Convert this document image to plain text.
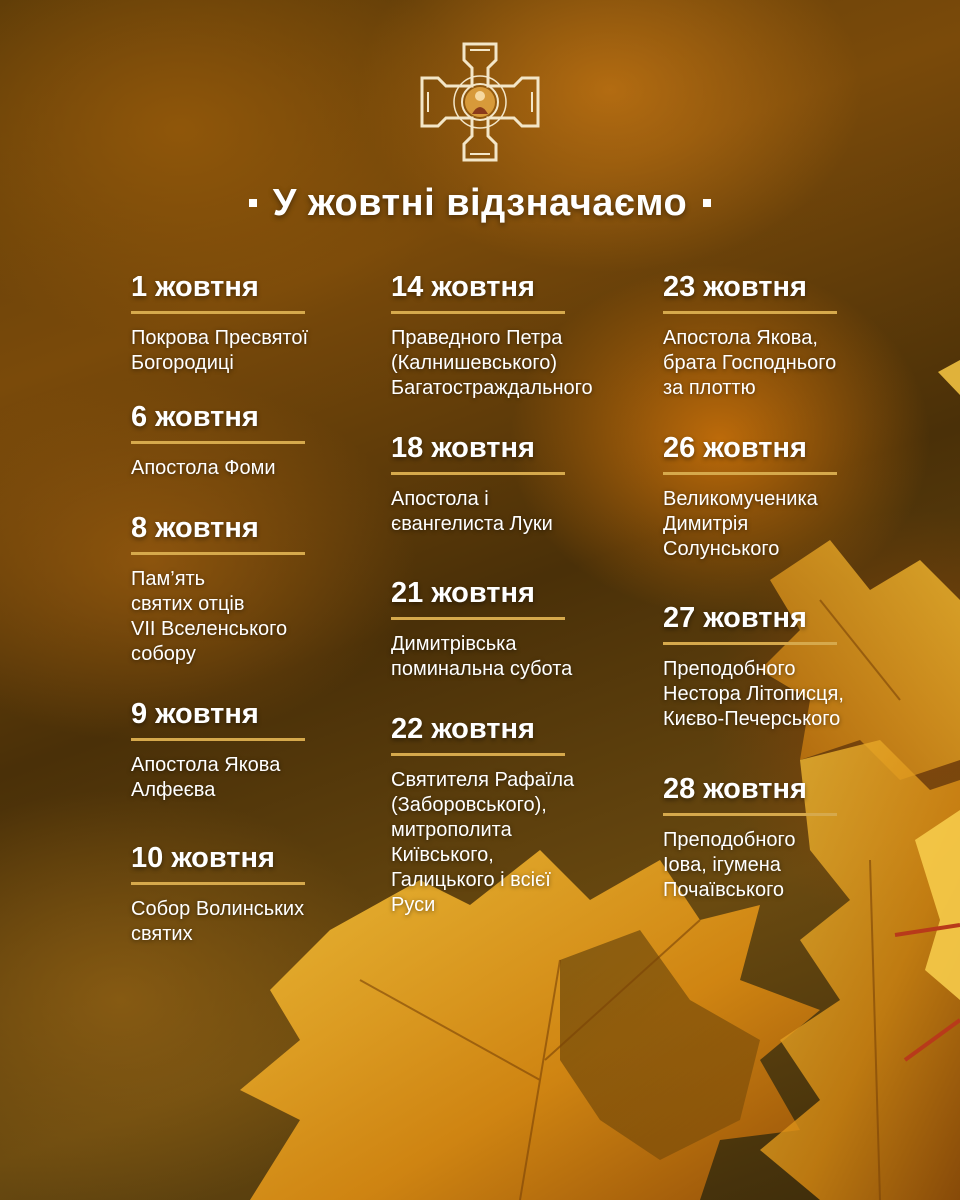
У жовтні відзначаємо
1 жовтня
Покрова Пресвятої
Богородиці
6 жовтня
Апостола Фоми
8 жовтня
Пам’ять
святих отців
VII Вселенського
собору
9 жовтня
Апостола Якова
Алфеєва
10 жовтня
Собор Волинських
святих
14 жовтня
Праведного Петра
(Калнишевського)
Багатостраждального
18 жовтня
Апостола і
євангелиста Луки
21 жовтня
Димитрівська
поминальна субота
22 жовтня
Святителя Рафаїла
(Заборовського),
митрополита
Київського,
Галицького і всієї
Руси
23 жовтня
Апостола Якова,
брата Господнього
за плоттю
26 жовтня
Великомученика
Димитрія
Солунського
27 жовтня
Преподобного
Нестора Літописця,
Києво-Печерського
28 жовтня
Преподобного
Іова, ігумена
Почаївського
